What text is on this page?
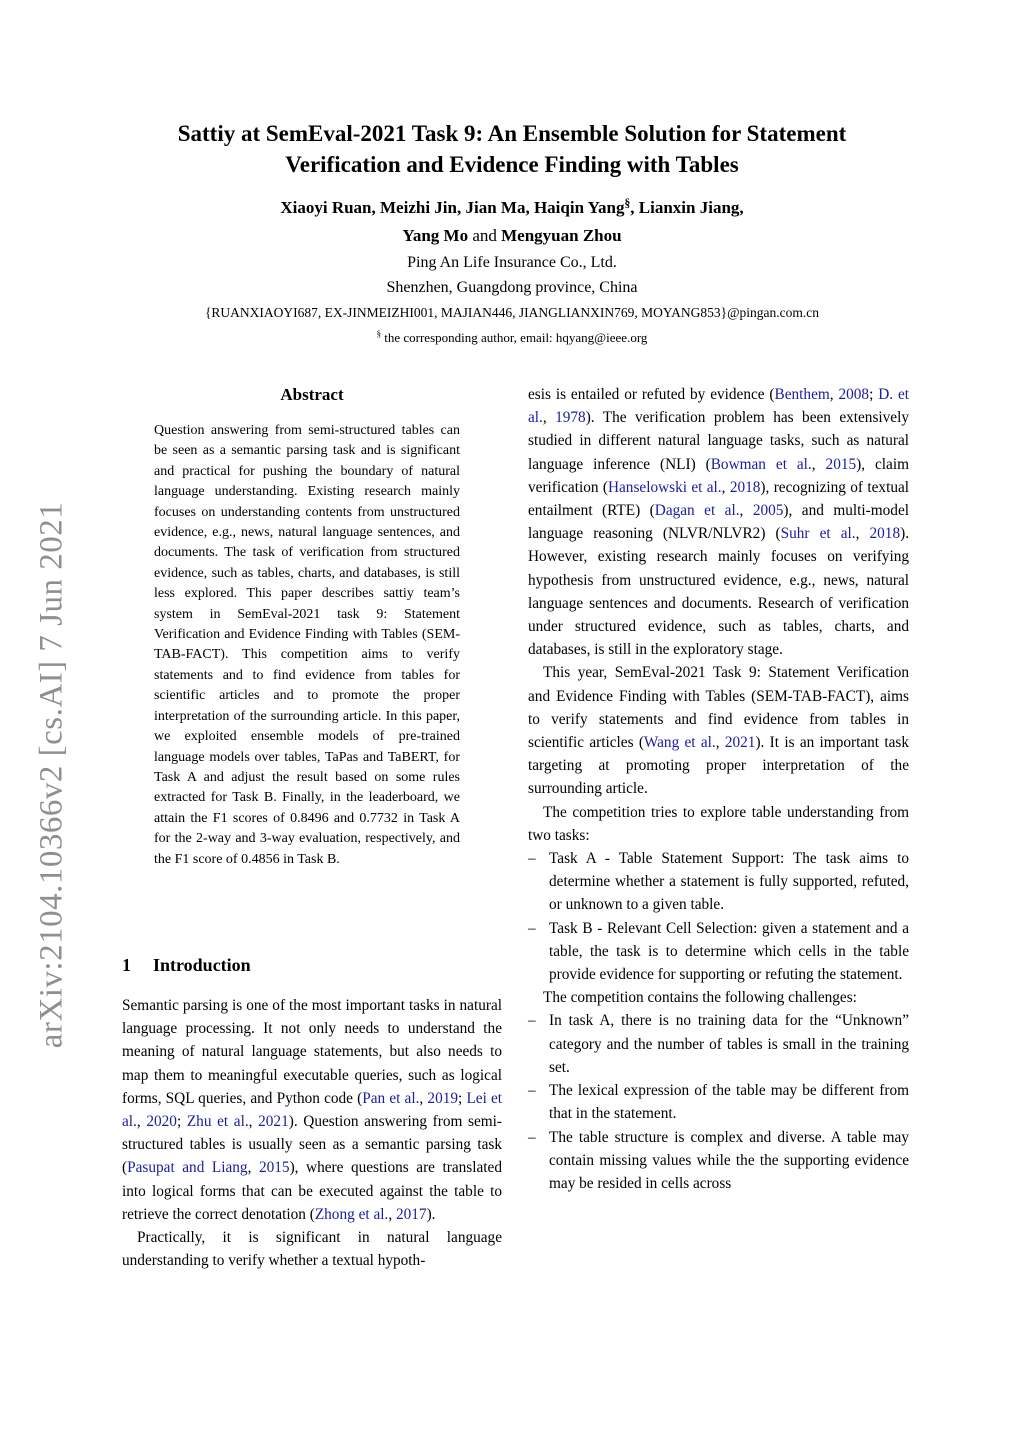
arXiv:2104.10366v2 [cs.AI] 7 Jun 2021
Sattiy at SemEval-2021 Task 9: An Ensemble Solution for Statement
Verification and Evidence Finding with Tables
Xiaoyi Ruan, Meizhi Jin, Jian Ma, Haiqin Yang§, Lianxin Jiang,
Yang Mo and Mengyuan Zhou
Ping An Life Insurance Co., Ltd.
Shenzhen, Guangdong province, China
{RUANXIAOYI687, EX-JINMEIZHI001, MAJIAN446, JIANGLIANXIN769, MOYANG853}@pingan.com.cn
§ the corresponding author, email: hqyang@ieee.org
Abstract
Question answering from semi-structured tables can be seen as a semantic parsing task and is significant and practical for pushing the boundary of natural language understanding. Existing research mainly focuses on understanding contents from unstructured evidence, e.g., news, natural language sentences, and documents. The task of verification from structured evidence, such as tables, charts, and databases, is still less explored. This paper describes sattiy team’s system in SemEval-2021 task 9: Statement Verification and Evidence Finding with Tables (SEM-TAB-FACT). This competition aims to verify statements and to find evidence from tables for scientific articles and to promote the proper interpretation of the surrounding article. In this paper, we exploited ensemble models of pre-trained language models over tables, TaPas and TaBERT, for Task A and adjust the result based on some rules extracted for Task B. Finally, in the leaderboard, we attain the F1 scores of 0.8496 and 0.7732 in Task A for the 2-way and 3-way evaluation, respectively, and the F1 score of 0.4856 in Task B.
1 Introduction
Semantic parsing is one of the most important tasks in natural language processing. It not only needs to understand the meaning of natural language statements, but also needs to map them to meaningful executable queries, such as logical forms, SQL queries, and Python code (Pan et al., 2019; Lei et al., 2020; Zhu et al., 2021). Question answering from semi-structured tables is usually seen as a semantic parsing task (Pasupat and Liang, 2015), where questions are translated into logical forms that can be executed against the table to retrieve the correct denotation (Zhong et al., 2017).
Practically, it is significant in natural language understanding to verify whether a textual hypoth-
esis is entailed or refuted by evidence (Benthem, 2008; D. et al., 1978). The verification problem has been extensively studied in different natural language tasks, such as natural language inference (NLI) (Bowman et al., 2015), claim verification (Hanselowski et al., 2018), recognizing of textual entailment (RTE) (Dagan et al., 2005), and multi-model language reasoning (NLVR/NLVR2) (Suhr et al., 2018). However, existing research mainly focuses on verifying hypothesis from unstructured evidence, e.g., news, natural language sentences and documents. Research of verification under structured evidence, such as tables, charts, and databases, is still in the exploratory stage.
This year, SemEval-2021 Task 9: Statement Verification and Evidence Finding with Tables (SEM-TAB-FACT), aims to verify statements and find evidence from tables in scientific articles (Wang et al., 2021). It is an important task targeting at promoting proper interpretation of the surrounding article.
The competition tries to explore table understanding from two tasks:
– Task A - Table Statement Support: The task aims to determine whether a statement is fully supported, refuted, or unknown to a given table.
– Task B - Relevant Cell Selection: given a statement and a table, the task is to determine which cells in the table provide evidence for supporting or refuting the statement.
The competition contains the following challenges:
– In task A, there is no training data for the “Unknown” category and the number of tables is small in the training set.
– The lexical expression of the table may be different from that in the statement.
– The table structure is complex and diverse. A table may contain missing values while the the supporting evidence may be resided in cells across
